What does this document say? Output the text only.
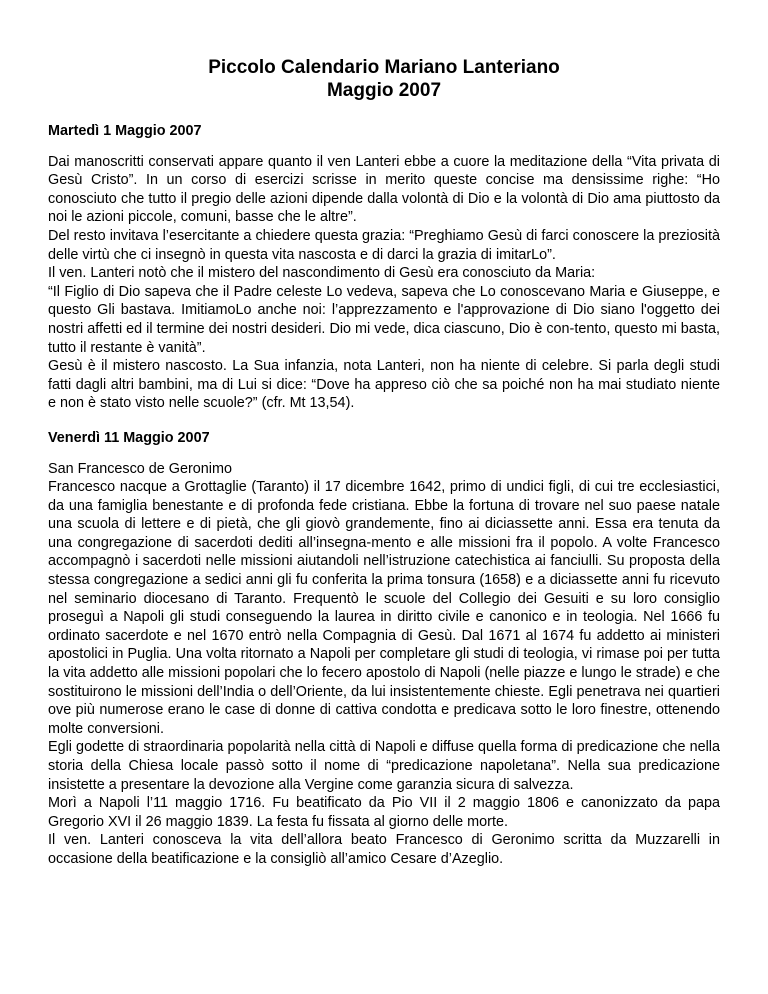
Piccolo Calendario Mariano Lanteriano

Maggio 2007

Martedì 1 Maggio 2007

Dai manoscritti conservati appare quanto il ven Lanteri ebbe a cuore la meditazione della “Vita privata di Gesù Cristo”. In un corso di esercizi scrisse in merito queste concise ma densissime righe: “Ho conosciuto che tutto il pregio delle azioni dipende dalla volontà di Dio e la volontà di Dio ama piuttosto da noi le azioni piccole, comuni, basse che le altre”.

Del resto invitava l’esercitante a chiedere questa grazia: “Preghiamo Gesù di farci conoscere la preziosità delle virtù che ci insegnò in questa vita nascosta e di darci la grazia di imitarLo”.

Il ven. Lanteri notò che il mistero del nascondimento di Gesù era conosciuto da Maria:

“Il Figlio di Dio sapeva che il Padre celeste Lo vedeva, sapeva che Lo conoscevano Maria e Giuseppe, e questo Gli bastava. ImitiamoLo anche noi: l’apprezzamento e l'approvazione di Dio siano l'oggetto dei nostri affetti ed il termine dei nostri desideri. Dio mi vede, dica ciascuno, Dio è con-tento, questo mi basta, tutto il restante è vanità”.

Gesù è il mistero nascosto. La Sua infanzia, nota Lanteri, non ha niente di celebre. Si parla degli studi fatti dagli altri bambini, ma di Lui si dice: “Dove ha appreso ciò che sa poiché non ha mai studiato niente e non è stato visto nelle scuole?” (cfr. Mt 13,54).

Venerdì 11 Maggio 2007

San Francesco de Geronimo

Francesco nacque a Grottaglie (Taranto) il 17 dicembre 1642, primo di undici figli, di cui tre ecclesiastici, da una famiglia benestante e di profonda fede cristiana. Ebbe la fortuna di trovare nel suo paese natale una scuola di lettere e di pietà, che gli giovò grandemente, fino ai diciassette anni. Essa era tenuta da una congregazione di sacerdoti dediti all’insegna-mento e alle missioni fra il popolo. A volte Francesco accompagnò i sacerdoti nelle missioni aiutandoli nell’istruzione catechistica ai fanciulli. Su proposta della stessa congregazione a sedici anni gli fu conferita la prima tonsura (1658) e a diciassette anni fu ricevuto nel seminario diocesano di Taranto. Frequentò le scuole del Collegio dei Gesuiti e su loro consiglio proseguì a Napoli gli studi conseguendo la laurea in diritto civile e canonico e in teologia. Nel 1666 fu ordinato sacerdote e nel 1670 entrò nella Compagnia di Gesù. Dal 1671 al 1674 fu addetto ai ministeri apostolici in Puglia. Una volta ritornato a Napoli per completare gli studi di teologia, vi rimase poi per tutta la vita addetto alle missioni popolari che lo fecero apostolo di Napoli (nelle piazze e lungo le strade) e che sostituirono le missioni dell’India o dell’Oriente, da lui insistentemente chieste. Egli penetrava nei quartieri ove più numerose erano le case di donne di cattiva condotta e predicava sotto le loro finestre, ottenendo molte conversioni.

Egli godette di straordinaria popolarità nella città di Napoli e diffuse quella forma di predicazione che nella storia della Chiesa locale passò sotto il nome di “predicazione napoletana”. Nella sua predicazione insistette a presentare la devozione alla Vergine come garanzia sicura di salvezza.

Morì a Napoli l’11 maggio 1716. Fu beatificato da Pio VII il 2 maggio 1806 e canonizzato da papa Gregorio XVI il 26 maggio 1839. La festa fu fissata al giorno delle morte.

Il ven. Lanteri conosceva la vita dell’allora beato Francesco di Geronimo scritta da Muzzarelli in occasione della beatificazione e la consigliò all’amico Cesare d’Azeglio.
